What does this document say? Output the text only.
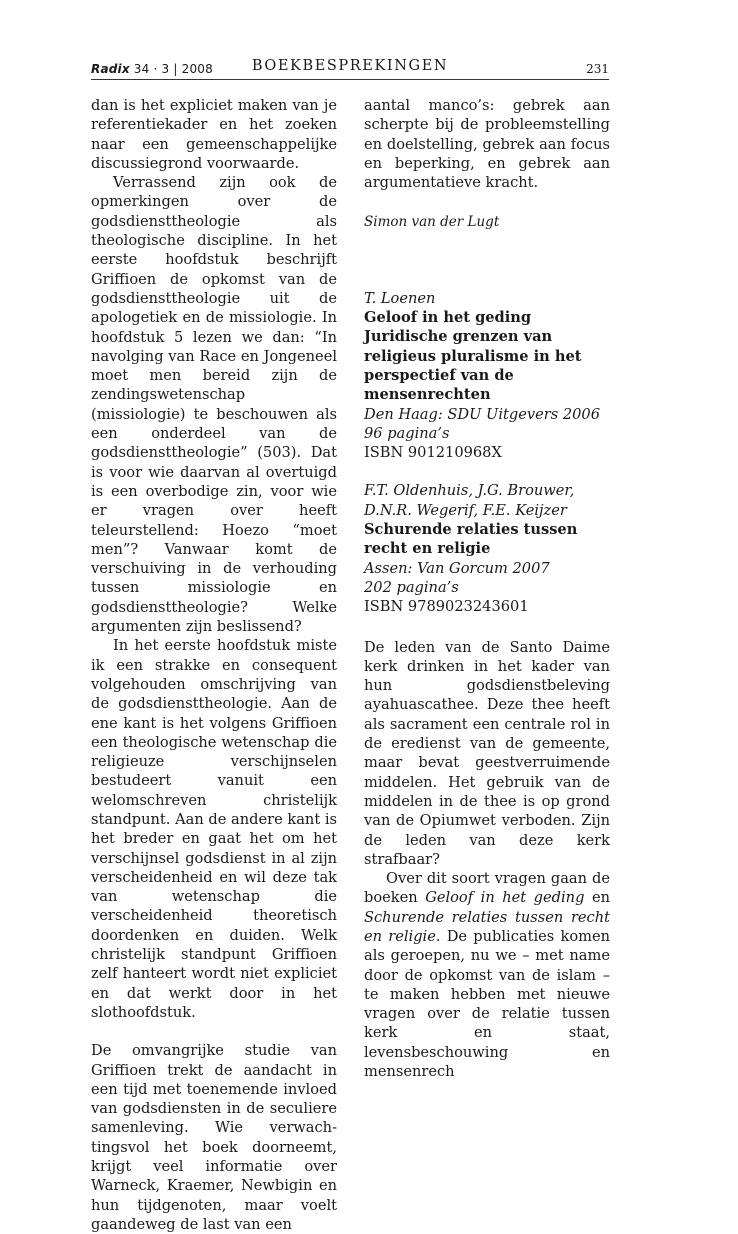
Radix 34 · 3 | 2008	BOEKBESPREKINGEN	231

dan is het expliciet maken van je referentiekader en het zoeken naar een gemeenschappelijke discussiegrond voorwaarde.

Verrassend zijn ook de opmerkingen over de godsdiensttheologie als theologische discipline. In het eerste hoofdstuk beschrijft Griffioen de opkomst van de godsdiensttheologie uit de apologetiek en de missiologie. In hoofdstuk 5 lezen we dan: “In navolging van Race en Jongeneel moet men bereid zijn de zendingswetenschap (missiologie) te beschouwen als een onderdeel van de godsdiensttheologie” (503). Dat is voor wie daarvan al overtuigd is een overbodige zin, voor wie er vragen over heeft teleurstellend: Hoezo “moet men”? Vanwaar komt de verschuiving in de verhouding tussen missiologie en godsdiensttheologie? Welke argumenten zijn beslissend?

In het eerste hoofdstuk miste ik een strakke en consequent volgehouden omschrijving van de godsdiensttheologie. Aan de ene kant is het volgens Griffioen een theologische wetenschap die religieuze verschijnselen bestudeert vanuit een welomschreven christelijk standpunt. Aan de andere kant is het breder en gaat het om het verschijnsel godsdienst in al zijn verscheidenheid en wil deze tak van wetenschap die verscheidenheid theoretisch doordenken en duiden. Welk christelijk standpunt Griffioen zelf hanteert wordt niet expliciet en dat werkt door in het slothoofdstuk.

De omvangrijke studie van Griffioen trekt de aandacht in een tijd met toenemende invloed van godsdiensten in de seculiere samenleving. Wie verwachtingsvol het boek doorneemt, krijgt veel informatie over Warneck, Kraemer, Newbigin en hun tijdgenoten, maar voelt gaandeweg de last van een

aantal manco’s: gebrek aan scherpte bij de probleemstelling en doelstelling, gebrek aan focus en beperking, en gebrek aan argumentatieve kracht.

Simon van der Lugt
T. Loenen
Geloof in het geding
Juridische grenzen van religieus pluralisme in het perspectief van de mensenrechten
Den Haag: SDU Uitgevers 2006
96 pagina’s
ISBN 901210968X
F.T. Oldenhuis, J.G. Brouwer, D.N.R. Wegerif, F.E. Keijzer
Schurende relaties tussen recht en religie
Assen: Van Gorcum 2007
202 pagina’s
ISBN 9789023243601

De leden van de Santo Daime kerk drinken in het kader van hun godsdienstbeleving ayahuascathee. Deze thee heeft als sacrament een centrale rol in de eredienst van de gemeente, maar bevat geestverruimende middelen. Het gebruik van de middelen in de thee is op grond van de Opiumwet verboden. Zijn de leden van deze kerk strafbaar?

Over dit soort vragen gaan de boeken Geloof in het geding en Schurende relaties tussen recht en religie. De publicaties komen als geroepen, nu we – met name door de opkomst van de islam – te maken hebben met nieuwe vragen over de relatie tussen kerk en staat, levensbeschouwing en mensenrech
